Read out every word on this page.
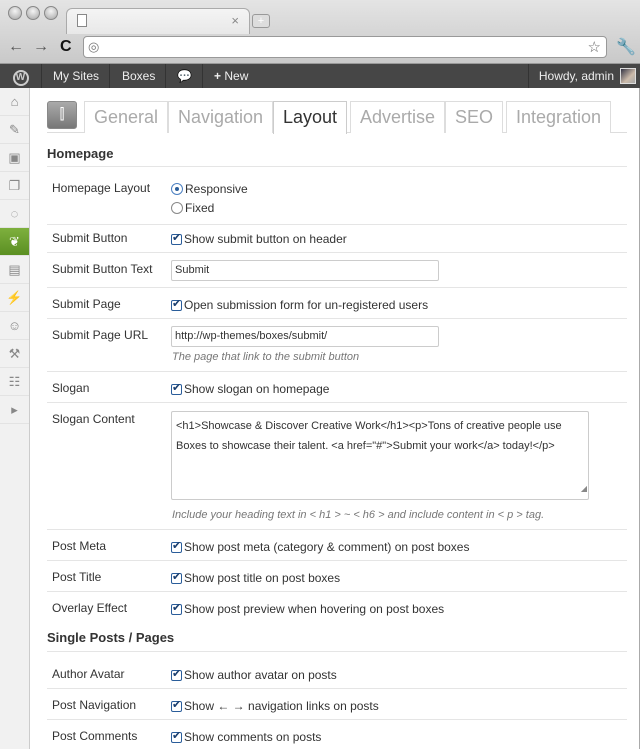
×	+
← → C ◎	☆ 🔧
W	My Sites	Boxes	💬	+ New	Howdy, admin
⌂
✎
▣
❐
◌
❦
▤
⚡
☺
⚒
☷
▸
⫿	General	Navigation	Layout	Advertise	SEO	Integration
Homepage
Homepage Layout	Responsive
Fixed
Submit Button ✔	Show submit button on header
Submit Button Text	Submit
Submit Page ✔	Open submission form for un-registered users
Submit Page URL	http://wp-themes/boxes/submit/
The page that link to the submit button
Slogan ✔	Show slogan on homepage
Slogan Content	<h1>Showcase & Discover Creative Work</h1><p>Tons of creative people use Boxes to showcase their talent. <a href="#">Submit your work</a> today!</p>
◢
Include your heading text in < h1 > ~ < h6 > and include content in < p > tag.
Post Meta ✔	Show post meta (category & comment) on post boxes
Post Title ✔	Show post title on post boxes
Overlay Effect ✔	Show post preview when hovering on post boxes
Single Posts / Pages
Author Avatar ✔	Show author avatar on posts
Post Navigation ✔	Show ← → navigation links on posts
Post Comments ✔	Show comments on posts
